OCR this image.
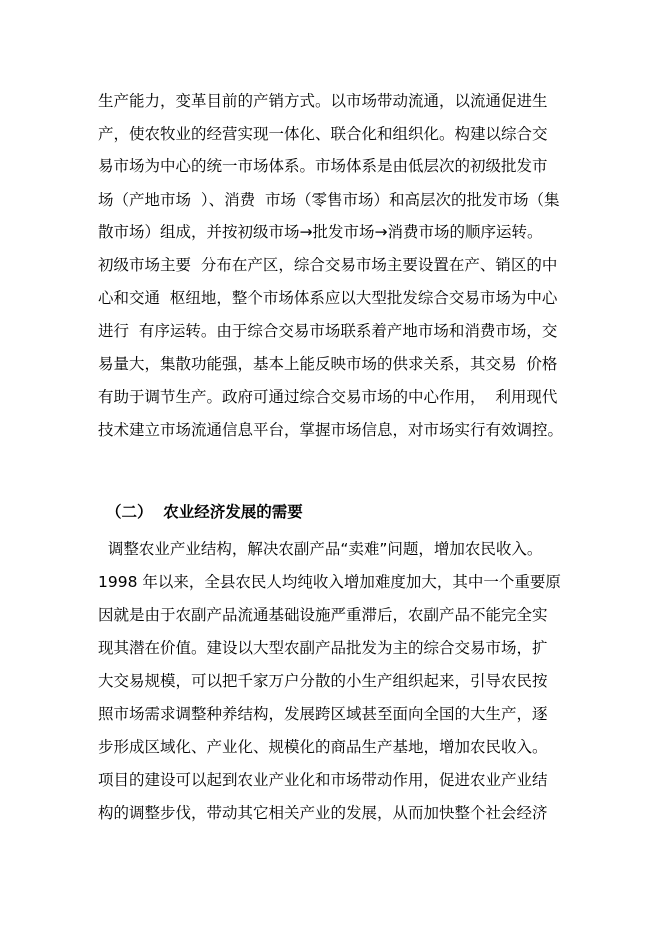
生产能力，变革目前的产销方式。以市场带动流通，以流通促进生
产，使农牧业的经营实现一体化、联合化和组织化。构建以综合交
易市场为中心的统一市场体系。市场体系是由低层次的初级批发市
场（产地市场  ）、消费  市场（零售市场）和高层次的批发市场（集
散市场）组成，并按初级市场→批发市场→消费市场的顺序运转。
初级市场主要  分布在产区，综合交易市场主要设置在产、销区的中
心和交通  枢纽地，整个市场体系应以大型批发综合交易市场为中心
进行  有序运转。由于综合交易市场联系着产地市场和消费市场，交
易量大，集散功能强，基本上能反映市场的供求关系，其交易  价格
有助于调节生产。政府可通过综合交易市场的中心作用，  利用现代
技术建立市场流通信息平台，掌握市场信息，对市场实行有效调控。
（二）  农业经济发展的需要
调整农业产业结构，解决农副产品“卖难”问题，增加农民收入。
1998 年以来，全县农民人均纯收入增加难度加大，其中一个重要原
因就是由于农副产品流通基础设施严重滞后，农副产品不能完全实
现其潜在价值。建设以大型农副产品批发为主的综合交易市场，扩
大交易规模，可以把千家万户分散的小生产组织起来，引导农民按
照市场需求调整种养结构，发展跨区域甚至面向全国的大生产，逐
步形成区域化、产业化、规模化的商品生产基地，增加农民收入。
项目的建设可以起到农业产业化和市场带动作用，促进农业产业结
构的调整步伐，带动其它相关产业的发展，从而加快整个社会经济
